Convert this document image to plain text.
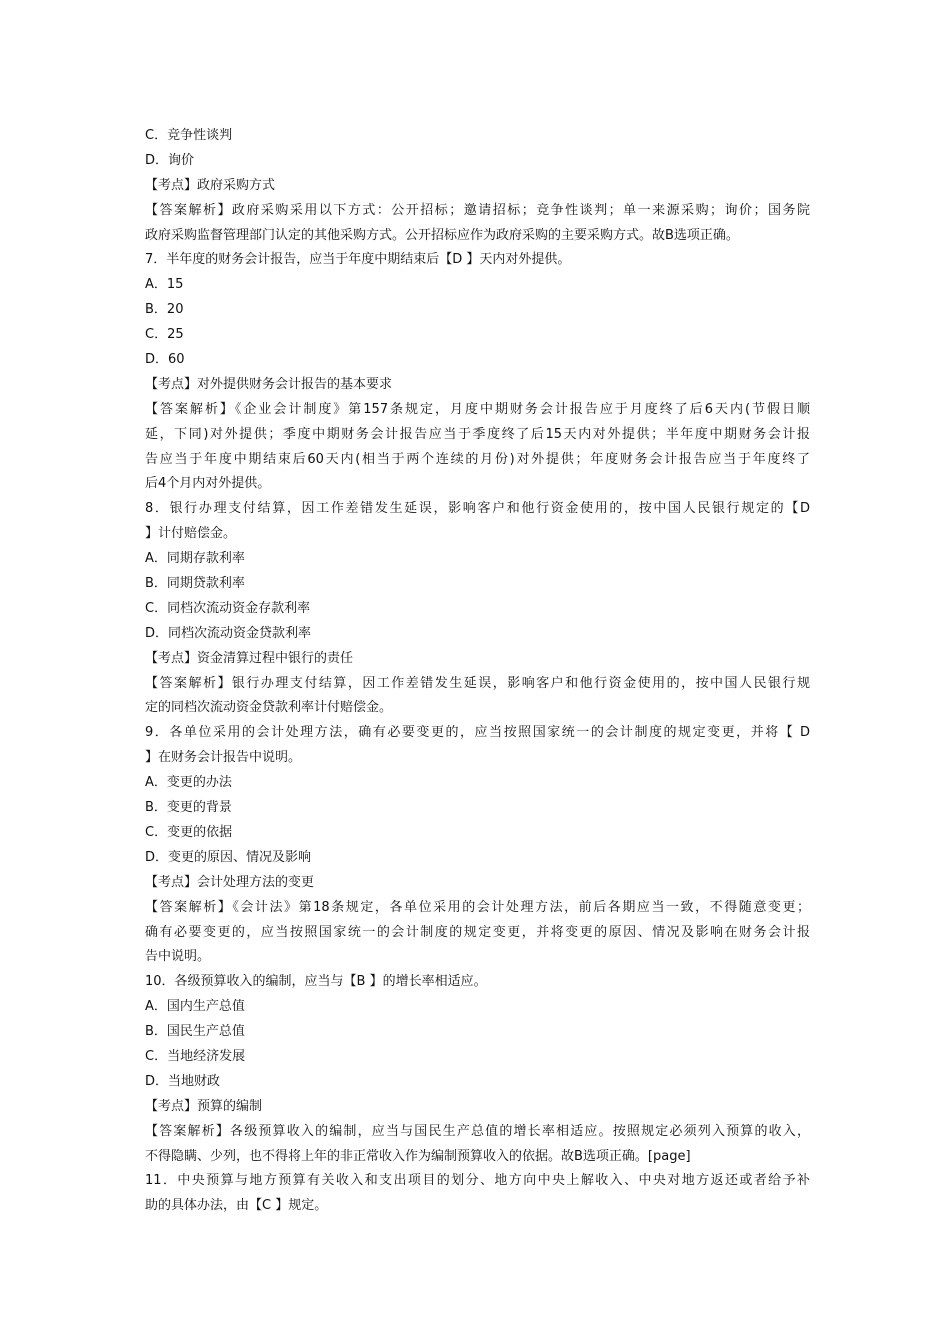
C．竞争性谈判

D．询价

【考点】政府采购方式

【答案解析】政府采购采用以下方式：公开招标；邀请招标；竞争性谈判；单一来源采购；询价；国务院

政府采购监督管理部门认定的其他采购方式。公开招标应作为政府采购的主要采购方式。故B选项正确。

7．半年度的财务会计报告，应当于年度中期结束后【D 】天内对外提供。

A．15

B．20

C．25

D．60

【考点】对外提供财务会计报告的基本要求

【答案解析】《企业会计制度》第157条规定，月度中期财务会计报告应于月度终了后6天内(节假日顺

延，下同)对外提供；季度中期财务会计报告应当于季度终了后15天内对外提供；半年度中期财务会计报

告应当于年度中期结束后60天内(相当于两个连续的月份)对外提供；年度财务会计报告应当于年度终了

后4个月内对外提供。

8．银行办理支付结算，因工作差错发生延误，影响客户和他行资金使用的，按中国人民银行规定的【D

】计付赔偿金。

A．同期存款利率

B．同期贷款利率

C．同档次流动资金存款利率

D．同档次流动资金贷款利率

【考点】资金清算过程中银行的责任

【答案解析】银行办理支付结算，因工作差错发生延误，影响客户和他行资金使用的，按中国人民银行规

定的同档次流动资金贷款利率计付赔偿金。

9．各单位采用的会计处理方法，确有必要变更的，应当按照国家统一的会计制度的规定变更，并将【 D

】在财务会计报告中说明。

A．变更的办法

B．变更的背景

C．变更的依据

D．变更的原因、情况及影响

【考点】会计处理方法的变更

【答案解析】《会计法》第18条规定，各单位采用的会计处理方法，前后各期应当一致，不得随意变更；

确有必要变更的，应当按照国家统一的会计制度的规定变更，并将变更的原因、情况及影响在财务会计报

告中说明。

10．各级预算收入的编制，应当与【B 】的增长率相适应。

A．国内生产总值

B．国民生产总值

C．当地经济发展

D．当地财政

【考点】预算的编制

【答案解析】各级预算收入的编制，应当与国民生产总值的增长率相适应。按照规定必须列入预算的收入，

不得隐瞒、少列，也不得将上年的非正常收入作为编制预算收入的依据。故B选项正确。[page]

11．中央预算与地方预算有关收入和支出项目的划分、地方向中央上解收入、中央对地方返还或者给予补

助的具体办法，由【C 】规定。
